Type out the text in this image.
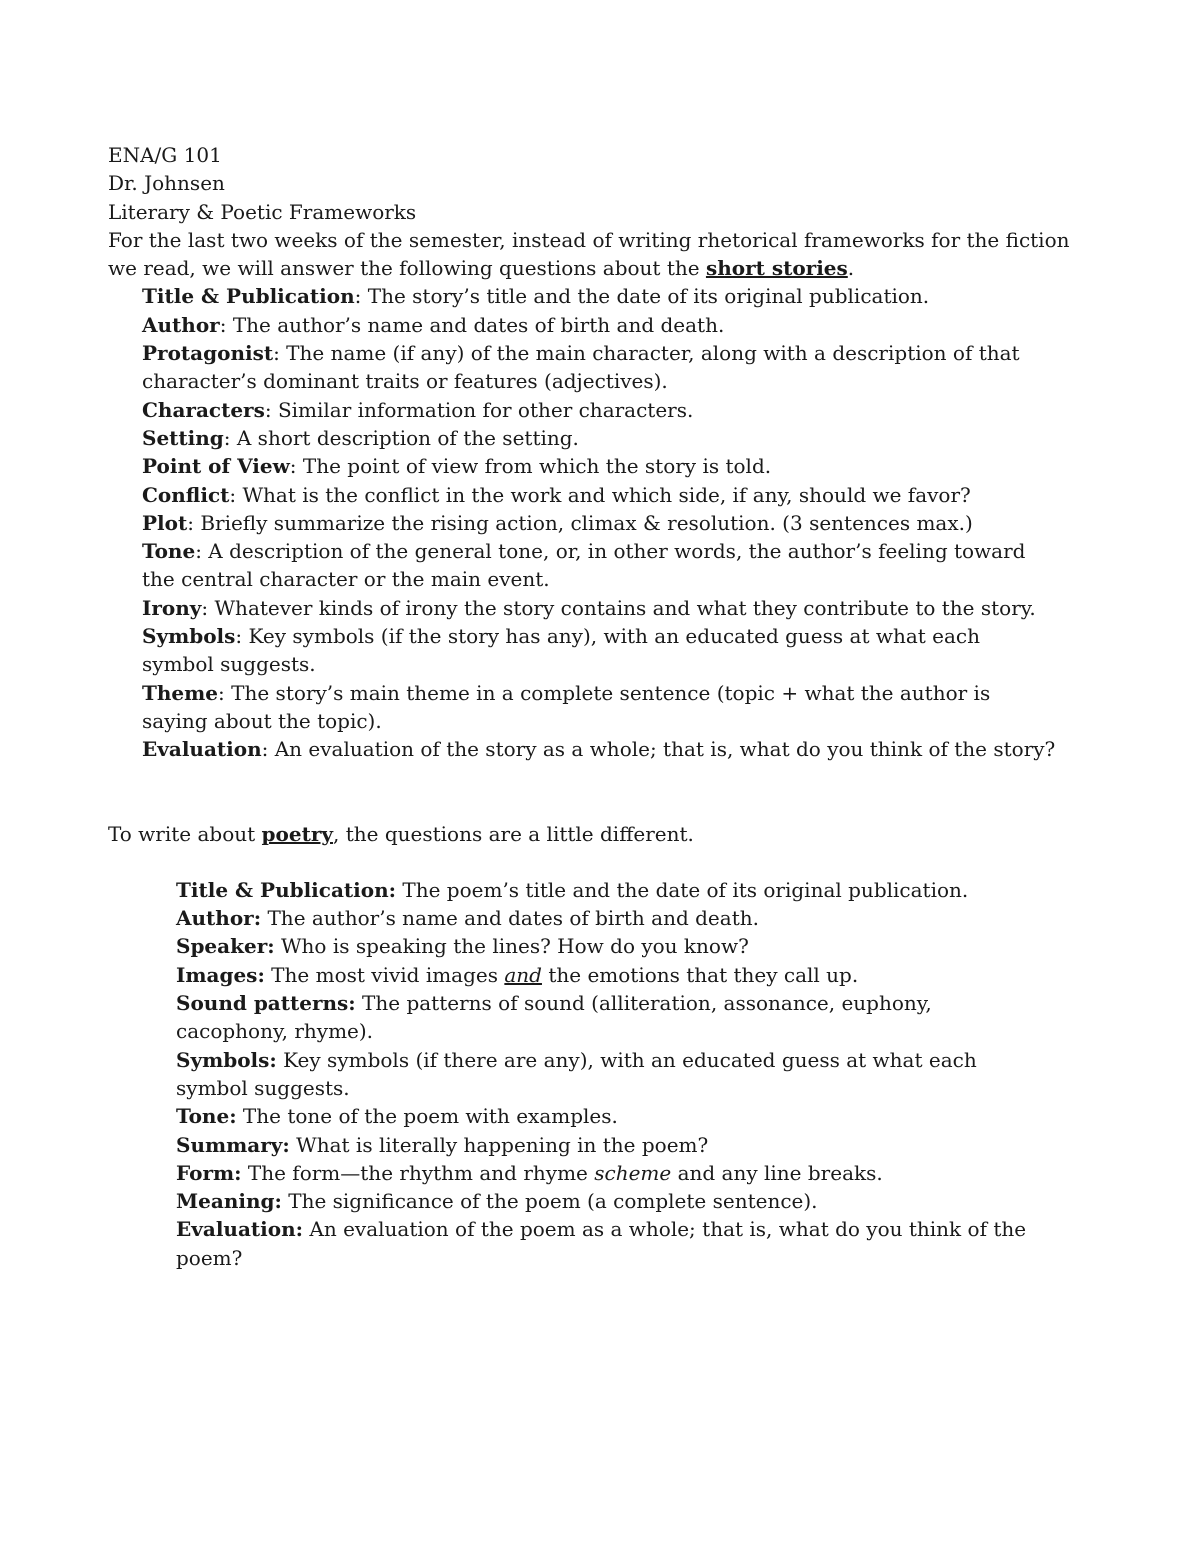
ENA/G 101
Dr. Johnsen
Literary & Poetic Frameworks
For the last two weeks of the semester, instead of writing rhetorical frameworks for the fiction we read, we will answer the following questions about the short stories.
Title & Publication: The story’s title and the date of its original publication.
Author: The author’s name and dates of birth and death.
Protagonist: The name (if any) of the main character, along with a description of that character’s dominant traits or features (adjectives).
Characters: Similar information for other characters.
Setting: A short description of the setting.
Point of View: The point of view from which the story is told.
Conflict: What is the conflict in the work and which side, if any, should we favor?
Plot: Briefly summarize the rising action, climax & resolution. (3 sentences max.)
Tone: A description of the general tone, or, in other words, the author’s feeling toward the central character or the main event.
Irony: Whatever kinds of irony the story contains and what they contribute to the story.
Symbols: Key symbols (if the story has any), with an educated guess at what each symbol suggests.
Theme: The story’s main theme in a complete sentence (topic + what the author is saying about the topic).
Evaluation: An evaluation of the story as a whole; that is, what do you think of the story?
To write about poetry, the questions are a little different.
Title & Publication: The poem’s title and the date of its original publication.
Author: The author’s name and dates of birth and death.
Speaker: Who is speaking the lines? How do you know?
Images: The most vivid images and the emotions that they call up.
Sound patterns: The patterns of sound (alliteration, assonance, euphony, cacophony, rhyme).
Symbols: Key symbols (if there are any), with an educated guess at what each symbol suggests.
Tone: The tone of the poem with examples.
Summary: What is literally happening in the poem?
Form: The form—the rhythm and rhyme scheme and any line breaks.
Meaning: The significance of the poem (a complete sentence).
Evaluation: An evaluation of the poem as a whole; that is, what do you think of the poem?
